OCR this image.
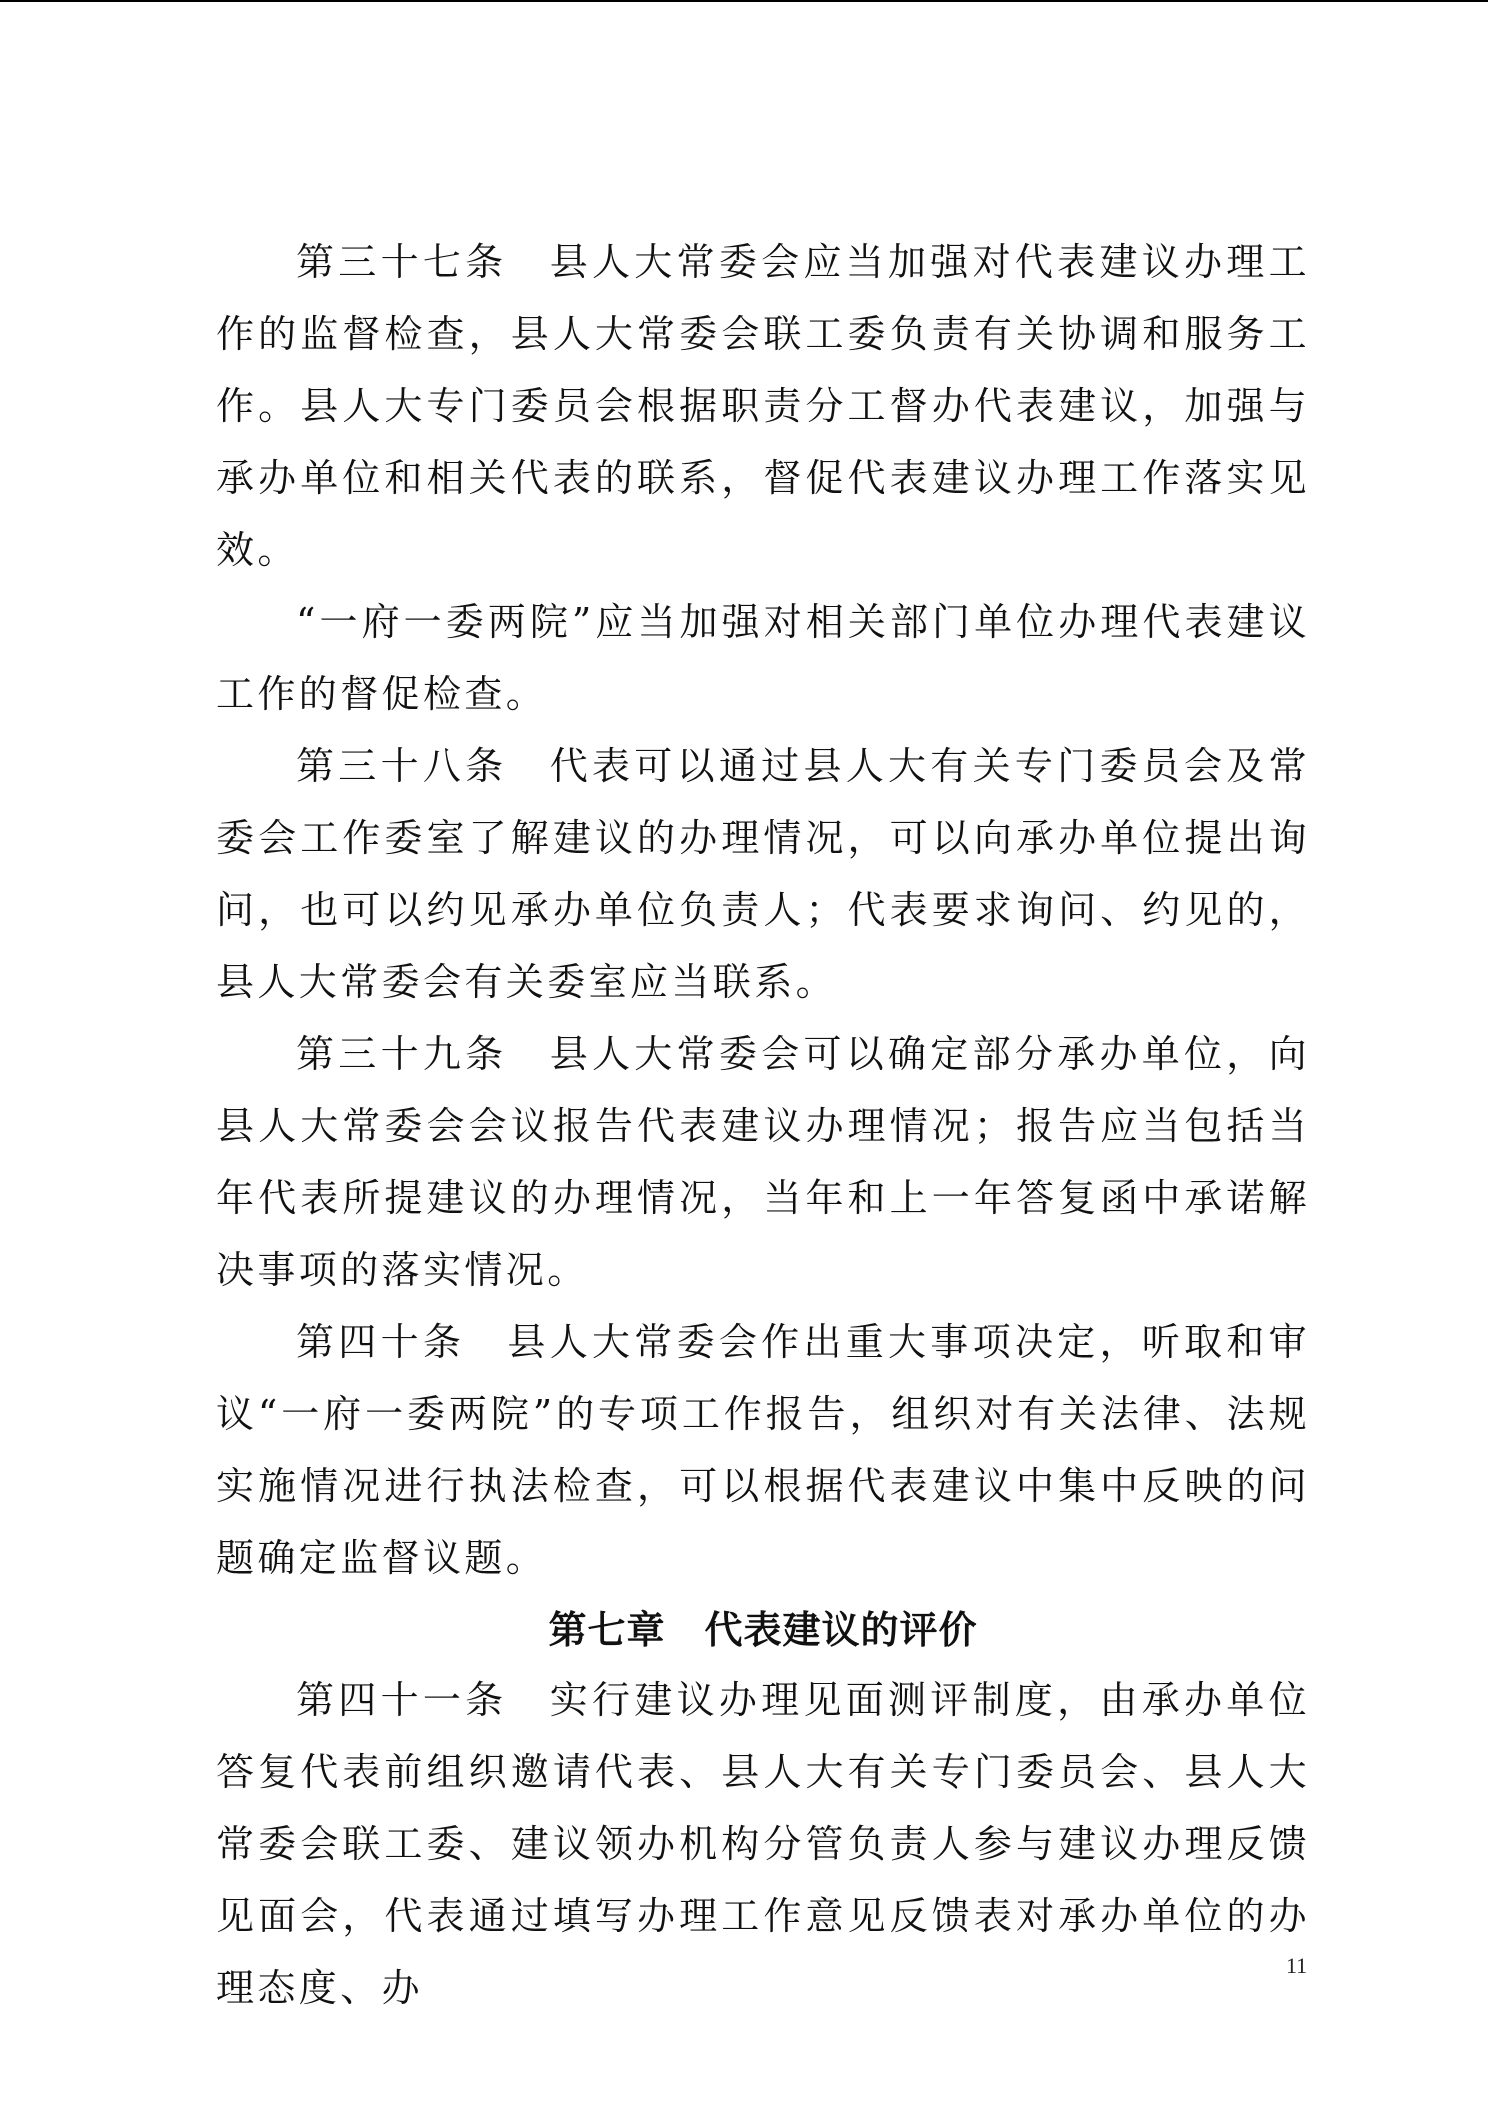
第三十七条　县人大常委会应当加强对代表建议办理工作的监督检查，县人大常委会联工委负责有关协调和服务工作。县人大专门委员会根据职责分工督办代表建议，加强与承办单位和相关代表的联系，督促代表建议办理工作落实见效。

“一府一委两院”应当加强对相关部门单位办理代表建议工作的督促检查。

第三十八条　代表可以通过县人大有关专门委员会及常委会工作委室了解建议的办理情况，可以向承办单位提出询问，也可以约见承办单位负责人；代表要求询问、约见的，县人大常委会有关委室应当联系。

第三十九条　县人大常委会可以确定部分承办单位，向县人大常委会会议报告代表建议办理情况；报告应当包括当年代表所提建议的办理情况，当年和上一年答复函中承诺解决事项的落实情况。

第四十条　县人大常委会作出重大事项决定，听取和审议“一府一委两院”的专项工作报告，组织对有关法律、法规实施情况进行执法检查，可以根据代表建议中集中反映的问题确定监督议题。

第七章　代表建议的评价

第四十一条　实行建议办理见面测评制度，由承办单位答复代表前组织邀请代表、县人大有关专门委员会、县人大常委会联工委、建议领办机构分管负责人参与建议办理反馈见面会，代表通过填写办理工作意见反馈表对承办单位的办理态度、办

11
